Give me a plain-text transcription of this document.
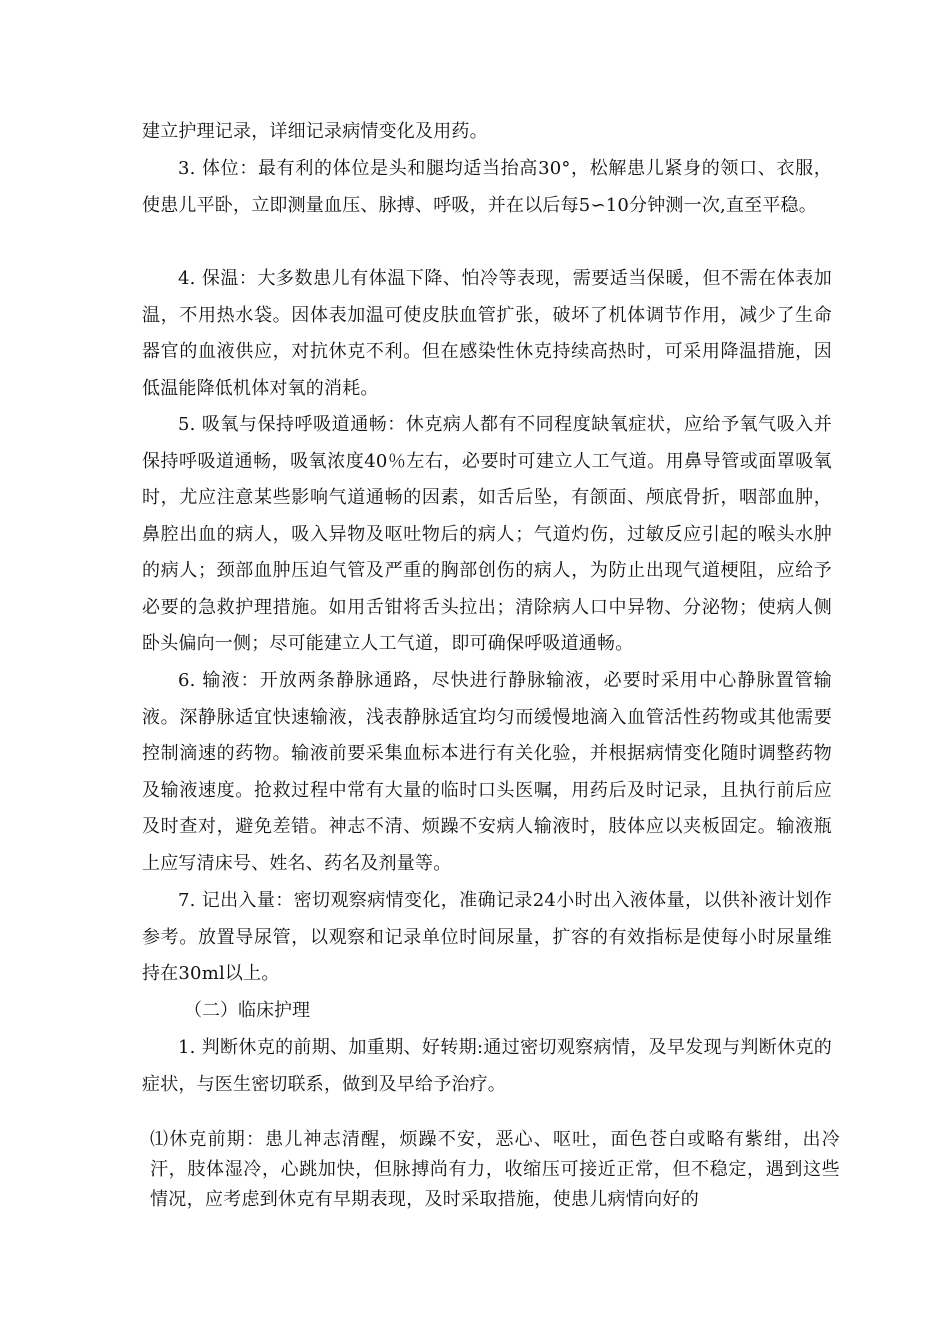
建立护理记录，详细记录病情变化及用药。

3. 体位：最有利的体位是头和腿均适当抬高30°，松解患儿紧身的领口、衣服，使患儿平卧，立即测量血压、脉搏、呼吸，并在以后每5∽10分钟测一次,直至平稳。

4. 保温：大多数患儿有体温下降、怕冷等表现，需要适当保暖，但不需在体表加温，不用热水袋。因体表加温可使皮肤血管扩张，破坏了机体调节作用，减少了生命器官的血液供应，对抗休克不利。但在感染性休克持续高热时，可采用降温措施，因低温能降低机体对氧的消耗。

5. 吸氧与保持呼吸道通畅：休克病人都有不同程度缺氧症状，应给予氧气吸入并保持呼吸道通畅，吸氧浓度40％左右，必要时可建立人工气道。用鼻导管或面罩吸氧时，尤应注意某些影响气道通畅的因素，如舌后坠，有颌面、颅底骨折，咽部血肿，鼻腔出血的病人，吸入异物及呕吐物后的病人；气道灼伤，过敏反应引起的喉头水肿的病人；颈部血肿压迫气管及严重的胸部创伤的病人，为防止出现气道梗阻，应给予必要的急救护理措施。如用舌钳将舌头拉出；清除病人口中异物、分泌物；使病人侧卧头偏向一侧；尽可能建立人工气道，即可确保呼吸道通畅。

6. 输液：开放两条静脉通路，尽快进行静脉输液，必要时采用中心静脉置管输液。深静脉适宜快速输液，浅表静脉适宜均匀而缓慢地滴入血管活性药物或其他需要控制滴速的药物。输液前要采集血标本进行有关化验，并根据病情变化随时调整药物及输液速度。抢救过程中常有大量的临时口头医嘱，用药后及时记录，且执行前后应及时查对，避免差错。神志不清、烦躁不安病人输液时，肢体应以夹板固定。输液瓶上应写清床号、姓名、药名及剂量等。

7. 记出入量：密切观察病情变化，准确记录24小时出入液体量，以供补液计划作参考。放置导尿管，以观察和记录单位时间尿量，扩容的有效指标是使每小时尿量维持在30ml以上。

（二）临床护理

1. 判断休克的前期、加重期、好转期:通过密切观察病情，及早发现与判断休克的症状，与医生密切联系，做到及早给予治疗。

⑴休克前期：患儿神志清醒，烦躁不安，恶心、呕吐，面色苍白或略有紫绀，出冷汗，肢体湿冷，心跳加快，但脉搏尚有力，收缩压可接近正常，但不稳定，遇到这些情况，应考虑到休克有早期表现，及时采取措施，使患儿病情向好的
